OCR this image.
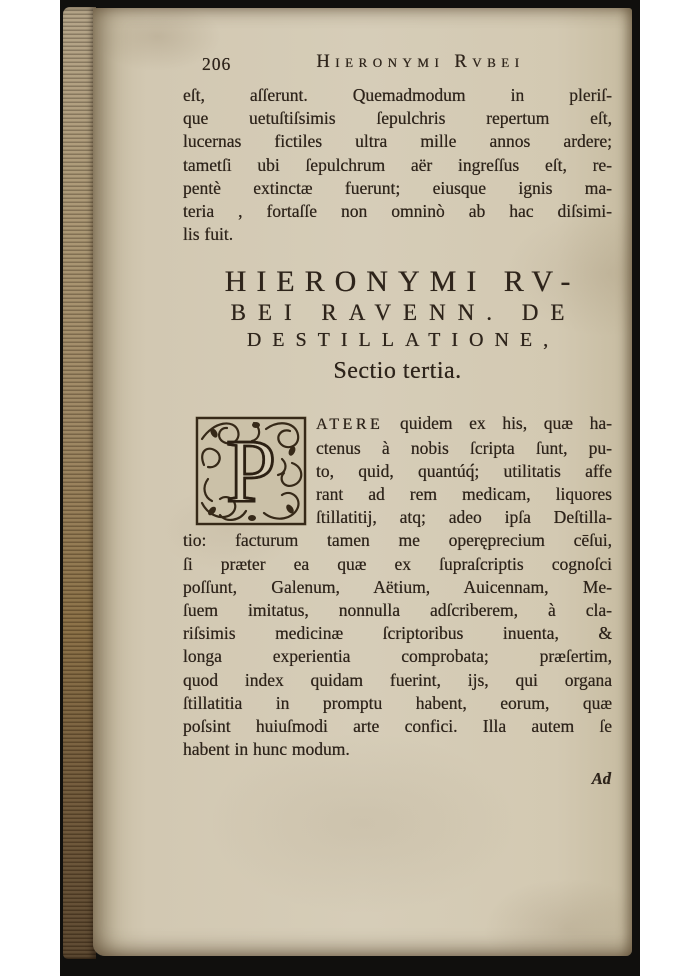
206	Hieronymi Rvbei
eſt, aſſerunt. Quemadmodum in pleriſ-
que uetuſtiſsimis ſepulchris repertum eſt,
lucernas fictiles ultra mille annos ardere;
tametſi ubi ſepulchrum aër ingreſſus eſt, re-
pentè extinctæ fuerunt; eiusque ignis ma-
teria , fortaſſe non omninò ab hac diſsimi-
lis fuit.
HIERONYMI RV-
BEI RAVENN. DE
DESTILLATIONE,
Sectio tertia.
P ATERE quidem ex his, quæ ha-
ctenus à nobis ſcripta ſunt, pu-
to, quid, quantúq́; utilitatis affe
rant ad rem medicam, liquores
ſtillatitij, atq; adeo ipſa Deſtilla-
tio: facturum tamen me operęprecium cēſui,
ſi præter ea quæ ex ſupraſcriptis cognoſci
poſſunt, Galenum, Aëtium, Auicennam, Me-
ſuem imitatus, nonnulla adſcriberem, à cla-
riſsimis medicinæ ſcriptoribus inuenta, &
longa experientia comprobata; præſertim,
quod index quidam fuerint, ijs, qui organa
ſtillatitia in promptu habent, eorum, quæ
poſsint huiuſmodi arte confici. Illa autem ſe
habent in hunc modum.
Ad
